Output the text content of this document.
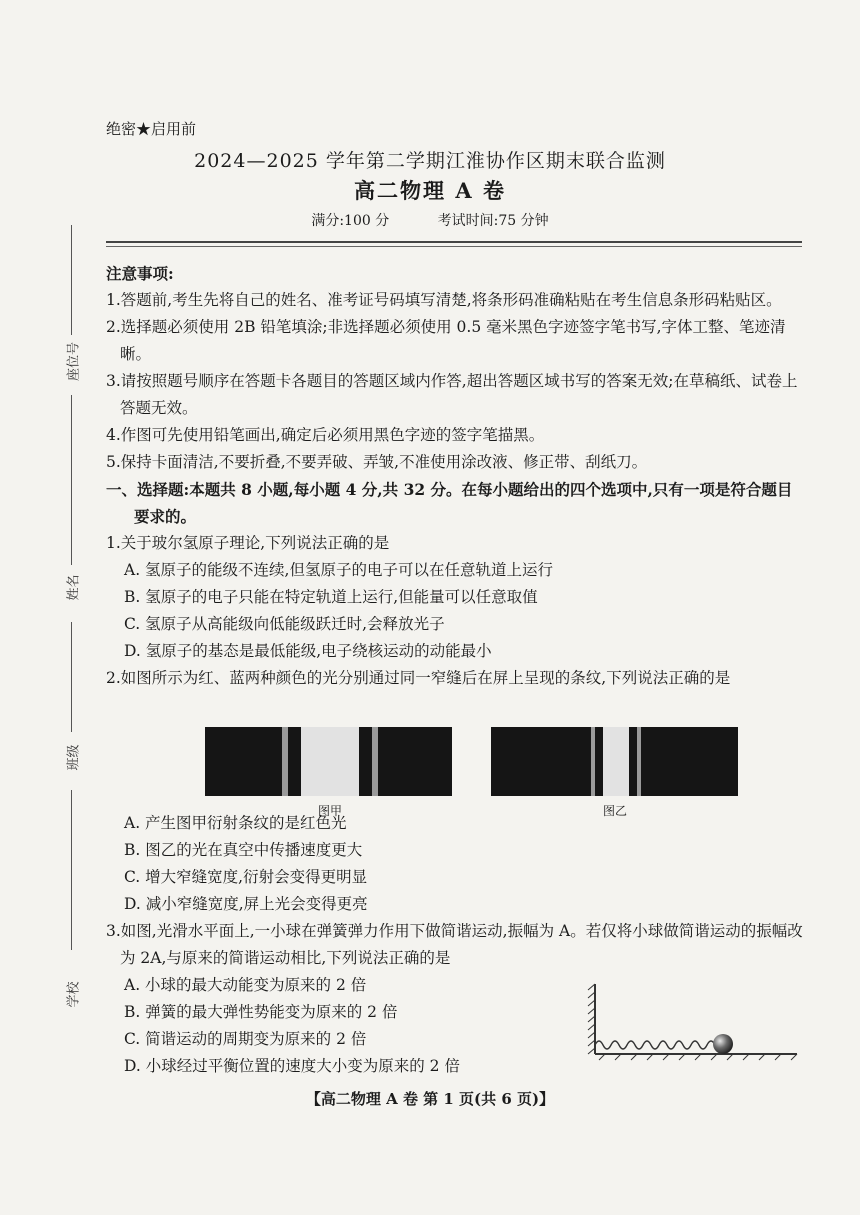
绝密★启用前
2024—2025 学年第二学期江淮协作区期末联合监测
高二物理 A 卷
满分:100 分	考试时间:75 分钟
座位号
姓名
班级
学校
注意事项:
1.答题前,考生先将自己的姓名、准考证号码填写清楚,将条形码准确粘贴在考生信息条形码粘贴区。
2.选择题必须使用 2B 铅笔填涂;非选择题必须使用 0.5 毫米黑色字迹签字笔书写,字体工整、笔迹清晰。
3.请按照题号顺序在答题卡各题目的答题区域内作答,超出答题区域书写的答案无效;在草稿纸、试卷上答题无效。
4.作图可先使用铅笔画出,确定后必须用黑色字迹的签字笔描黑。
5.保持卡面清洁,不要折叠,不要弄破、弄皱,不准使用涂改液、修正带、刮纸刀。
一、选择题:本题共 8 小题,每小题 4 分,共 32 分。在每小题给出的四个选项中,只有一项是符合题目要求的。
1.关于玻尔氢原子理论,下列说法正确的是
A. 氢原子的能级不连续,但氢原子的电子可以在任意轨道上运行
B. 氢原子的电子只能在特定轨道上运行,但能量可以任意取值
C. 氢原子从高能级向低能级跃迁时,会释放光子
D. 氢原子的基态是最低能级,电子绕核运动的动能最小
2.如图所示为红、蓝两种颜色的光分别通过同一窄缝后在屏上呈现的条纹,下列说法正确的是
A. 产生图甲衍射条纹的是红色光
B. 图乙的光在真空中传播速度更大
C. 增大窄缝宽度,衍射会变得更明显
D. 减小窄缝宽度,屏上光会变得更亮
3.如图,光滑水平面上,一小球在弹簧弹力作用下做简谐运动,振幅为 A。若仅将小球做简谐运动的振幅改为 2A,与原来的简谐运动相比,下列说法正确的是
A. 小球的最大动能变为原来的 2 倍
B. 弹簧的最大弹性势能变为原来的 2 倍
C. 简谐运动的周期变为原来的 2 倍
D. 小球经过平衡位置的速度大小变为原来的 2 倍
图甲	图乙
【高二物理 A 卷 第 1 页(共 6 页)】
